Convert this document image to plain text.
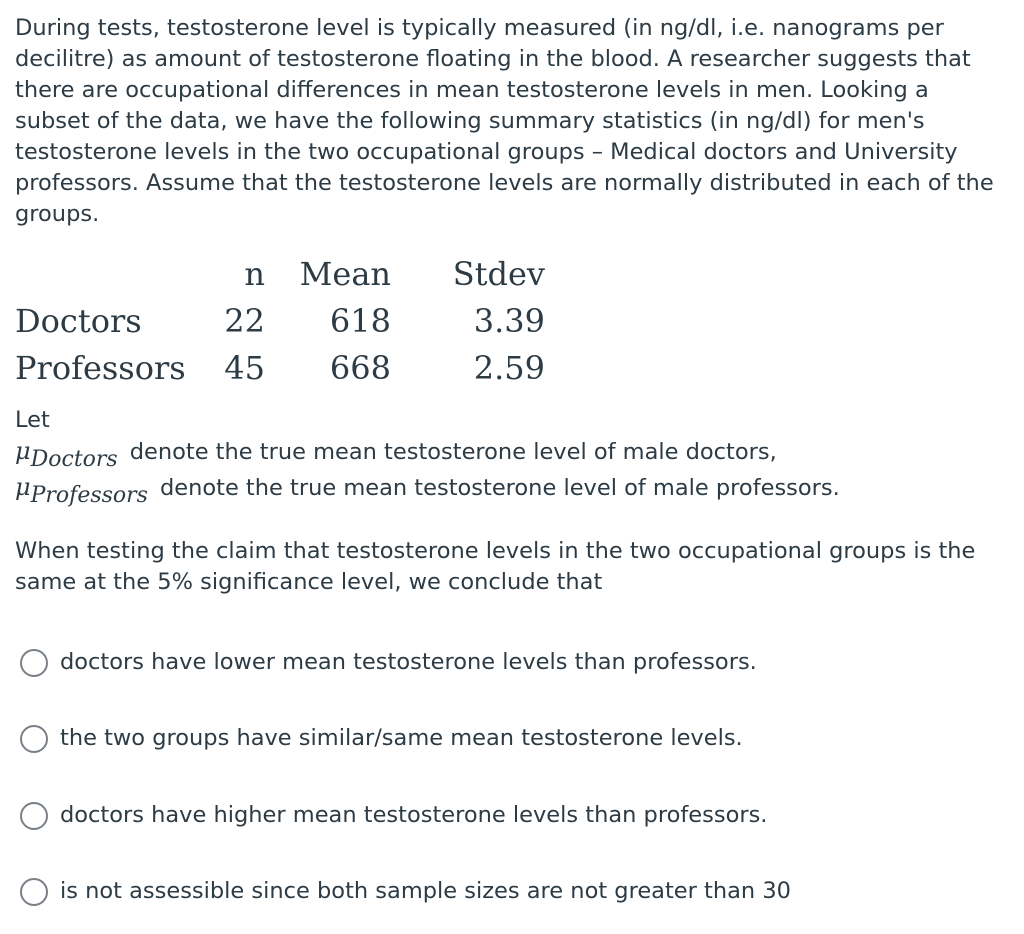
During tests, testosterone level is typically measured (in ng/dl, i.e. nanograms per decilitre) as amount of testosterone floating in the blood. A researcher suggests that there are occupational differences in mean testosterone levels in men. Looking a subset of the data, we have the following summary statistics (in ng/dl) for men's testosterone levels in the two occupational groups – Medical doctors and University professors. Assume that the testosterone levels are normally distributed in each of the groups.

	n	Mean	Stdev
Doctors	22	618	3.39
Professors	45	668	2.59
Let
μDoctors denote the true mean testosterone level of male doctors,
μProfessors denote the true mean testosterone level of male professors.
When testing the claim that testosterone levels in the two occupational groups is the same at the 5% significance level, we conclude that
doctors have lower mean testosterone levels than professors.
the two groups have similar/same mean testosterone levels.
doctors have higher mean testosterone levels than professors.
is not assessible since both sample sizes are not greater than 30
